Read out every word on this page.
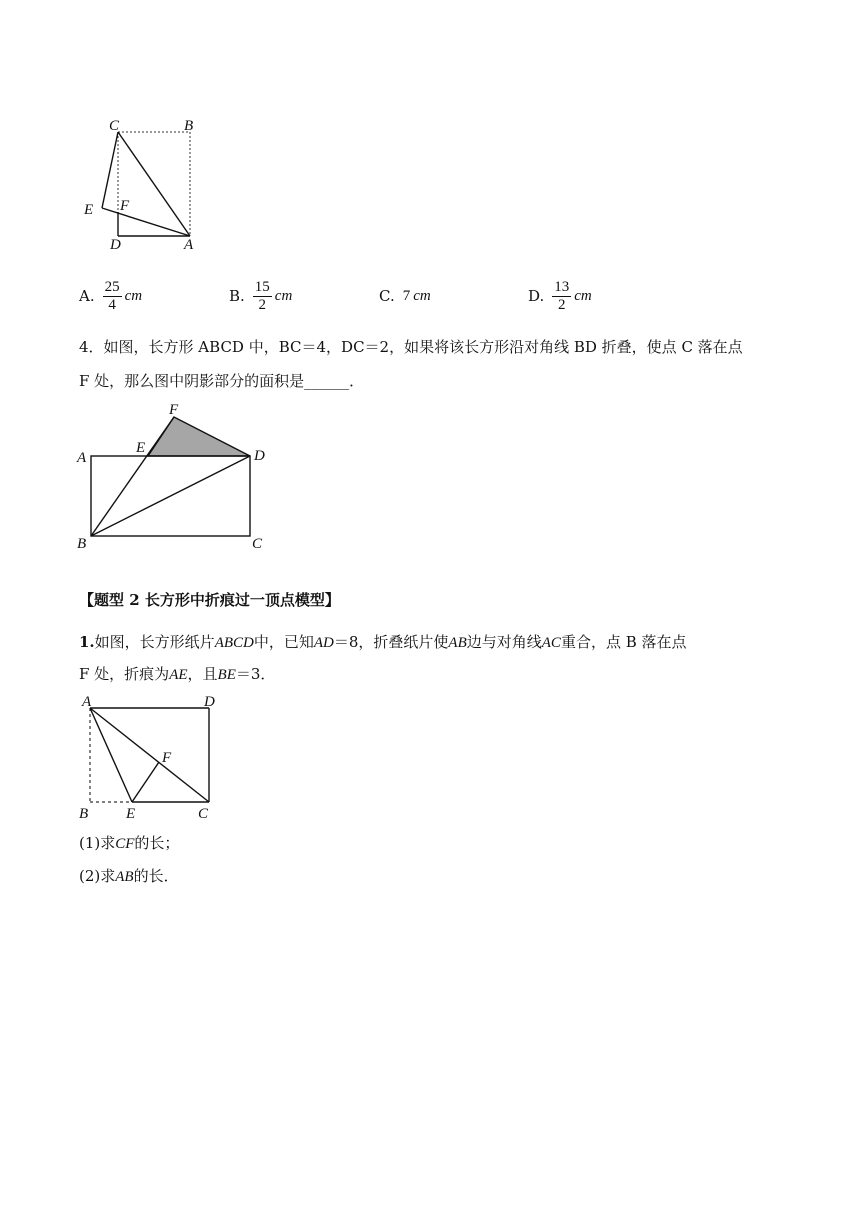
C	B
E F
D	A
A. $\frac{25}{4}$ cm	B. $\frac{15}{2}$ cm	C. 7 cm	D. $\frac{13}{2}$ cm
4．如图，长方形 ABCD 中，BC＝4，DC＝2，如果将该长方形沿对角线 BD 折叠，使点 C 落在点
F 处，那么图中阴影部分的面积是______．
F
E
A	D
B	C
【题型 2 长方形中折痕过一顶点模型】
1.如图，长方形纸片ABCD中，已知AD＝8，折叠纸片使AB边与对角线AC重合，点 B 落在点
F 处，折痕为AE，且BE＝3．
A	D
F
B	E	C
(1)求CF的长；
(2)求AB的长．
